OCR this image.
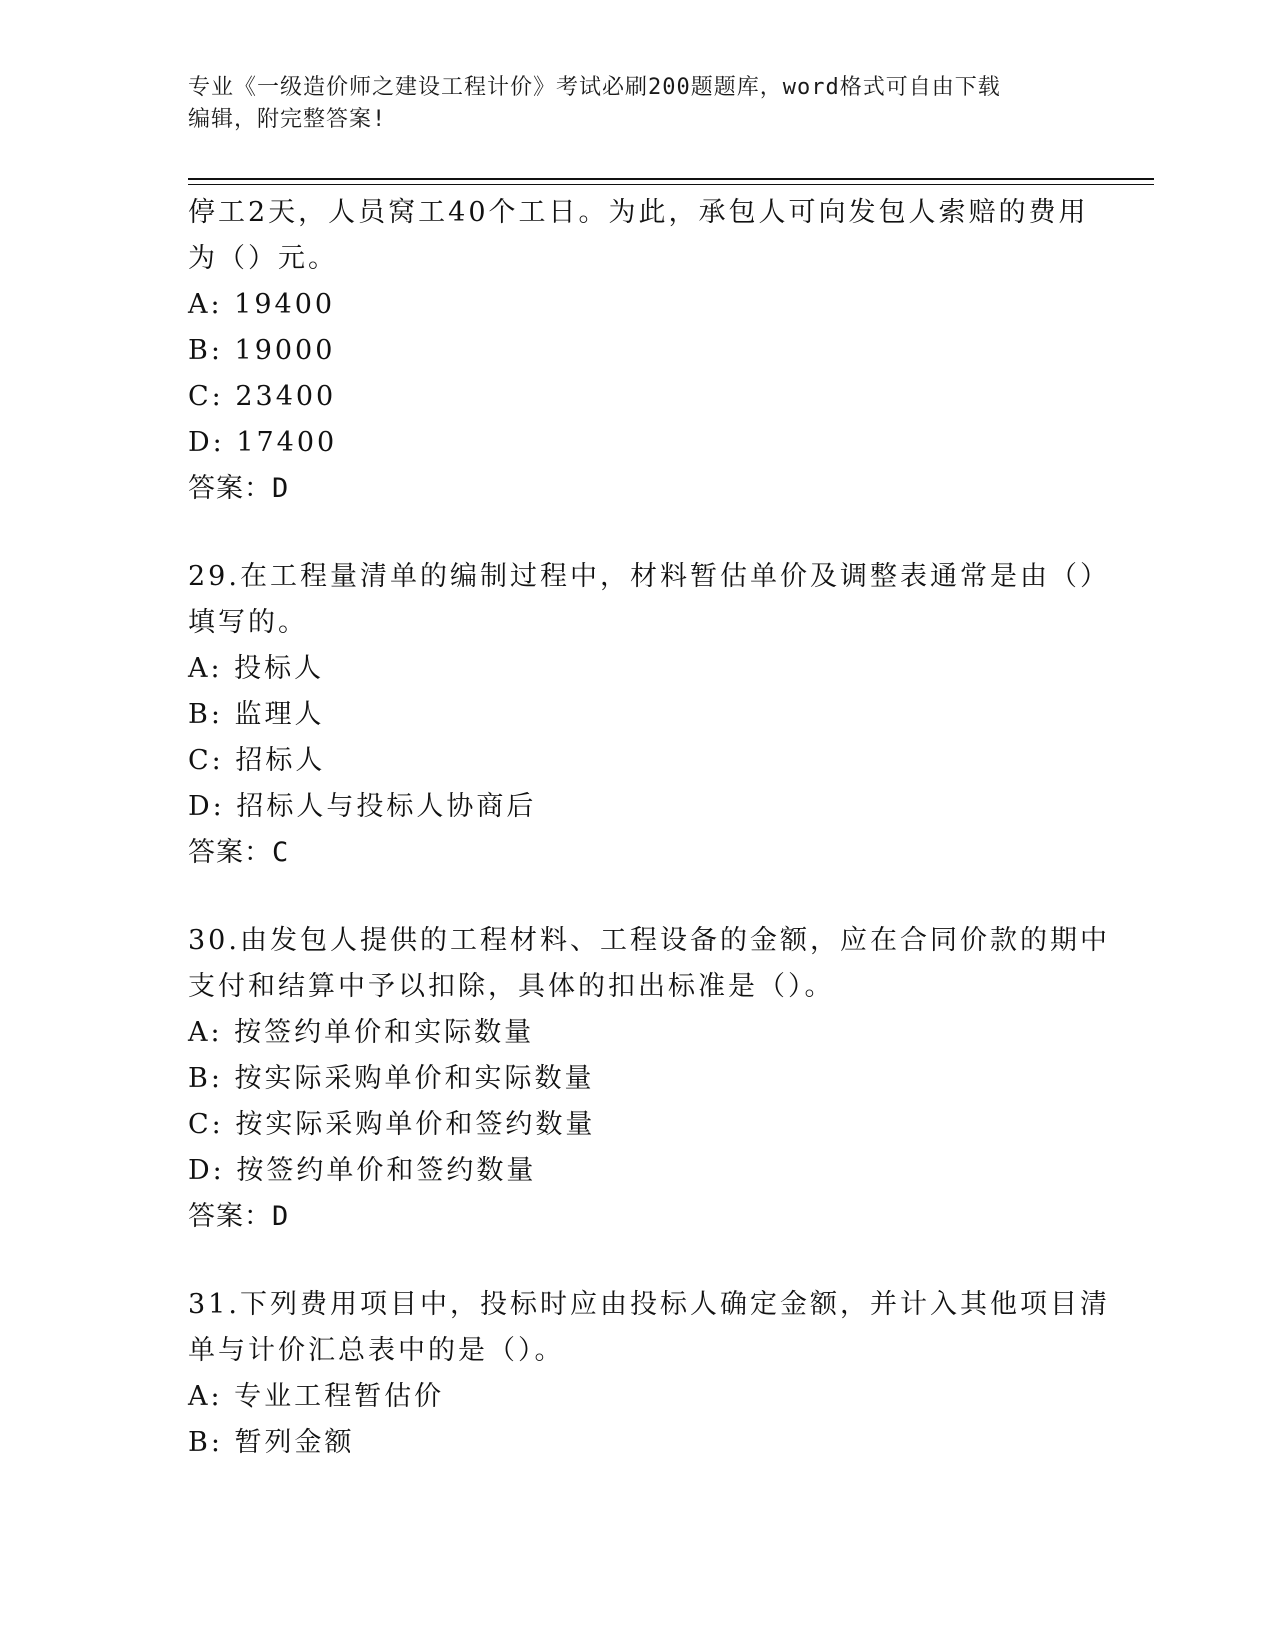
专业《一级造价师之建设工程计价》考试必刷200题题库，word格式可自由下载
编辑，附完整答案!
停工2天，人员窝工40个工日。为此，承包人可向发包人索赔的费用
为（）元。
A: 19400
B: 19000
C: 23400
D: 17400
答案：D
29.在工程量清单的编制过程中，材料暂估单价及调整表通常是由（）
填写的。
A: 投标人
B: 监理人
C: 招标人
D: 招标人与投标人协商后
答案：C
30.由发包人提供的工程材料、工程设备的金额，应在合同价款的期中
支付和结算中予以扣除，具体的扣出标准是（）。
A: 按签约单价和实际数量
B: 按实际采购单价和实际数量
C: 按实际采购单价和签约数量
D: 按签约单价和签约数量
答案：D
31.下列费用项目中，投标时应由投标人确定金额，并计入其他项目清
单与计价汇总表中的是（）。
A: 专业工程暂估价
B: 暂列金额
